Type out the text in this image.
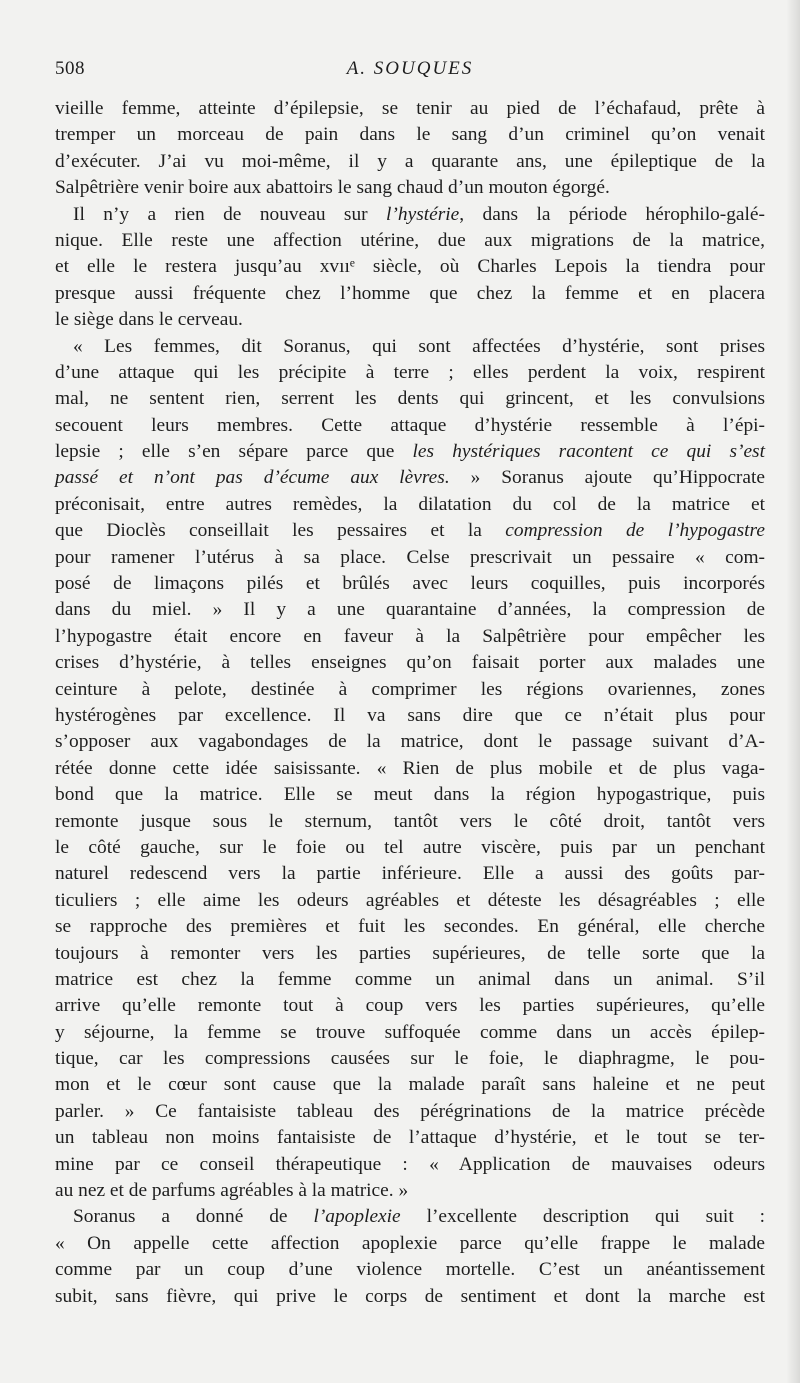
508	A. SOUQUES
vieille femme, atteinte d’épilepsie, se tenir au pied de l’échafaud, prête à
tremper un morceau de pain dans le sang d’un criminel qu’on venait
d’exécuter. J’ai vu moi-même, il y a quarante ans, une épileptique de la
Salpêtrière venir boire aux abattoirs le sang chaud d’un mouton égorgé.
Il n’y a rien de nouveau sur l’hystérie, dans la période hérophilo-galé-
nique. Elle reste une affection utérine, due aux migrations de la matrice,
et elle le restera jusqu’au xvııᵉ siècle, où Charles Lepois la tiendra pour
presque aussi fréquente chez l’homme que chez la femme et en placera
le siège dans le cerveau.
« Les femmes, dit Soranus, qui sont affectées d’hystérie, sont prises
d’une attaque qui les précipite à terre ; elles perdent la voix, respirent
mal, ne sentent rien, serrent les dents qui grincent, et les convulsions
secouent leurs membres. Cette attaque d’hystérie ressemble à l’épi-
lepsie ; elle s’en sépare parce que les hystériques racontent ce qui s’est
passé et n’ont pas d’écume aux lèvres. » Soranus ajoute qu’Hippocrate
préconisait, entre autres remèdes, la dilatation du col de la matrice et
que Dioclès conseillait les pessaires et la compression de l’hypogastre
pour ramener l’utérus à sa place. Celse prescrivait un pessaire « com-
posé de limaçons pilés et brûlés avec leurs coquilles, puis incorporés
dans du miel. » Il y a une quarantaine d’années, la compression de
l’hypogastre était encore en faveur à la Salpêtrière pour empêcher les
crises d’hystérie, à telles enseignes qu’on faisait porter aux malades une
ceinture à pelote, destinée à comprimer les régions ovariennes, zones
hystérogènes par excellence. Il va sans dire que ce n’était plus pour
s’opposer aux vagabondages de la matrice, dont le passage suivant d’A-
rétée donne cette idée saisissante. « Rien de plus mobile et de plus vaga-
bond que la matrice. Elle se meut dans la région hypogastrique, puis
remonte jusque sous le sternum, tantôt vers le côté droit, tantôt vers
le côté gauche, sur le foie ou tel autre viscère, puis par un penchant
naturel redescend vers la partie inférieure. Elle a aussi des goûts par-
ticuliers ; elle aime les odeurs agréables et déteste les désagréables ; elle
se rapproche des premières et fuit les secondes. En général, elle cherche
toujours à remonter vers les parties supérieures, de telle sorte que la
matrice est chez la femme comme un animal dans un animal. S’il
arrive qu’elle remonte tout à coup vers les parties supérieures, qu’elle
y séjourne, la femme se trouve suffoquée comme dans un accès épilep-
tique, car les compressions causées sur le foie, le diaphragme, le pou-
mon et le cœur sont cause que la malade paraît sans haleine et ne peut
parler. » Ce fantaisiste tableau des pérégrinations de la matrice précède
un tableau non moins fantaisiste de l’attaque d’hystérie, et le tout se ter-
mine par ce conseil thérapeutique : « Application de mauvaises odeurs
au nez et de parfums agréables à la matrice. »
Soranus a donné de l’apoplexie l’excellente description qui suit :
« On appelle cette affection apoplexie parce qu’elle frappe le malade
comme par un coup d’une violence mortelle. C’est un anéantissement
subit, sans fièvre, qui prive le corps de sentiment et dont la marche est
